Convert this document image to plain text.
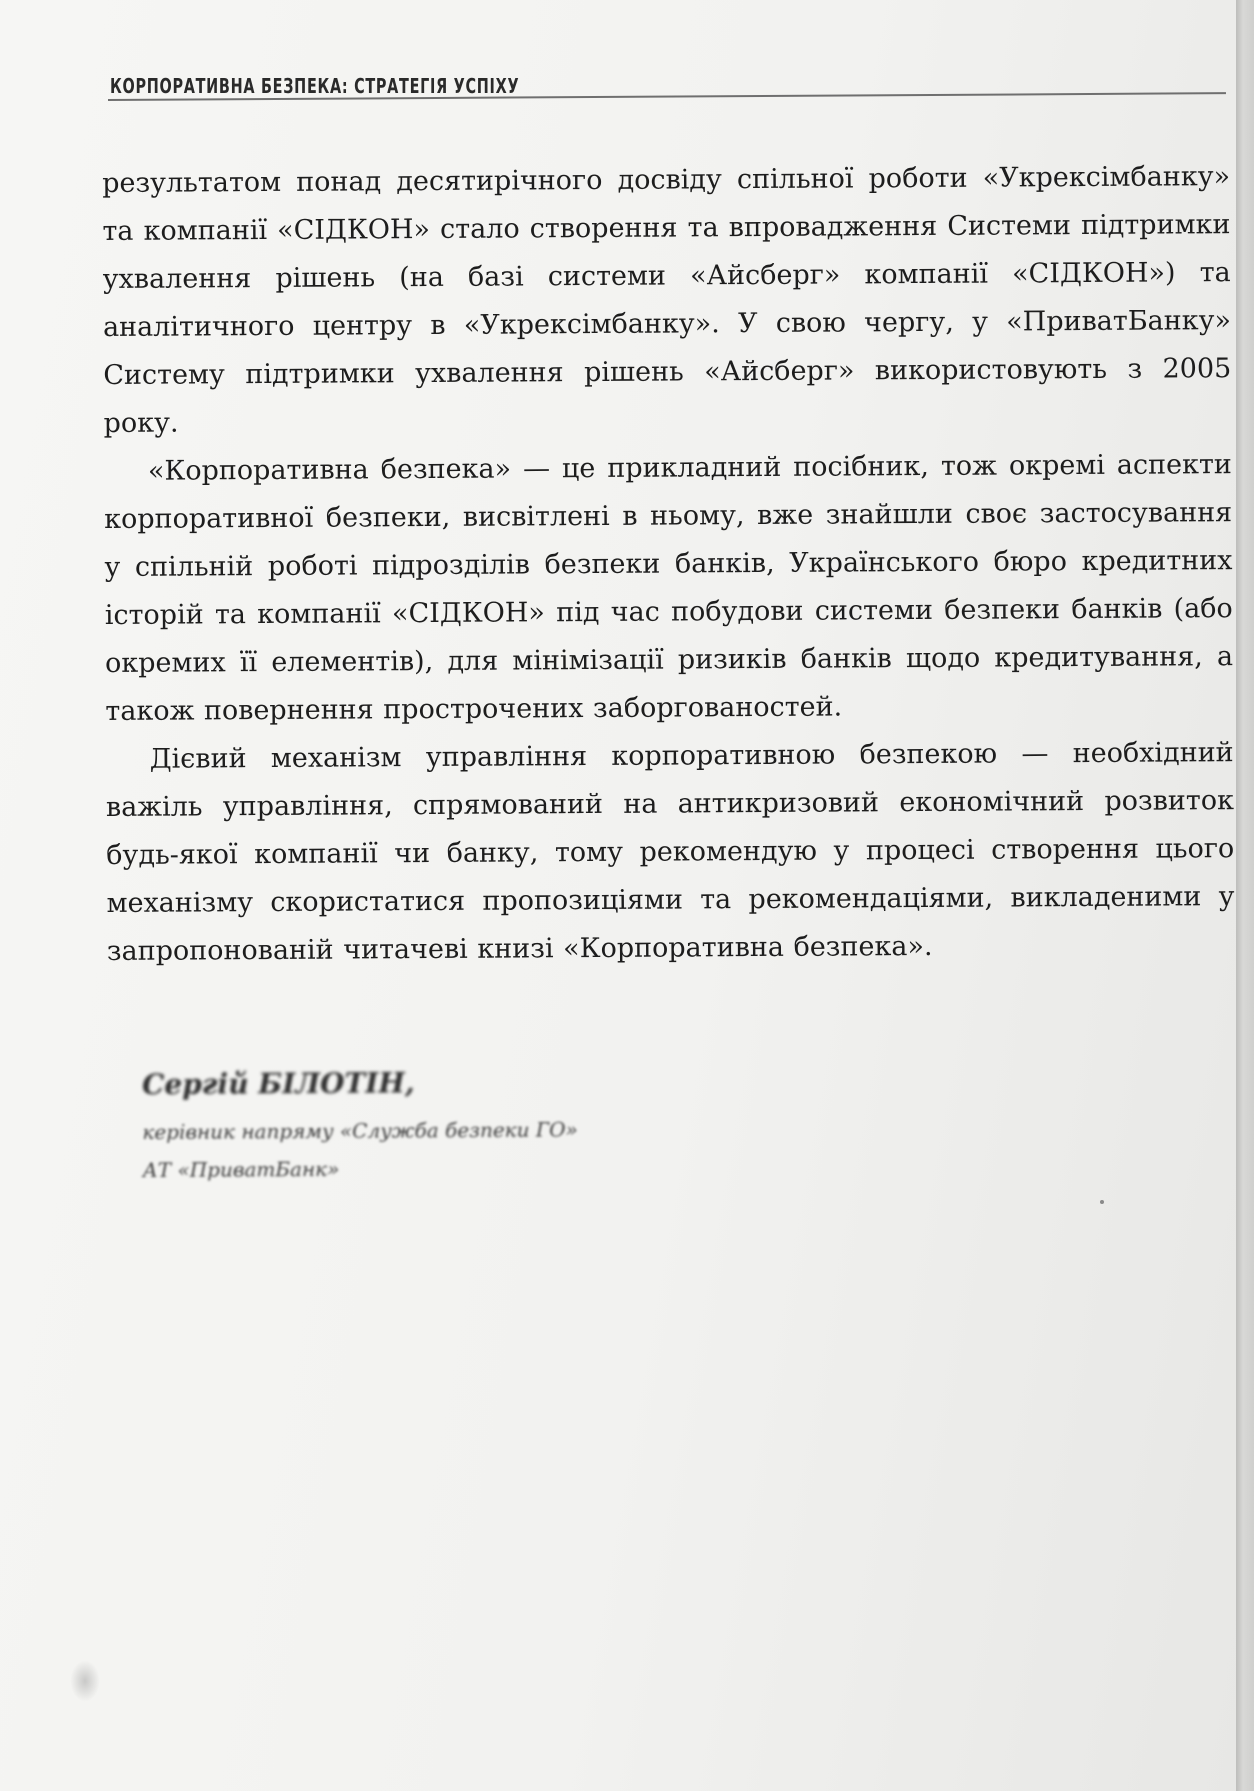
КОРПОРАТИВНА БЕЗПЕКА: СТРАТЕГІЯ УСПІХУ

результатом понад десятирічного досвіду спільної роботи «Укрексімбанку» та компанії «СІДКОН» стало створення та впровадження Системи підтримки ухвалення рішень (на базі системи «Айсберг» компанії «СІДКОН») та аналітичного центру в «Укрексімбанку». У свою чергу, у «ПриватБанку» Систему підтримки ухвалення рішень «Айсберг» використовують з 2005 року.

«Корпоративна безпека» — це прикладний посібник, тож окремі аспекти корпоративної безпеки, висвітлені в ньому, вже знайшли своє застосування у спільній роботі підрозділів безпеки банків, Українського бюро кредитних історій та компанії «СІДКОН» під час побудови системи безпеки банків (або окремих її елементів), для мінімізації ризиків банків щодо кредитування, а також повернення прострочених заборгованостей.

Дієвий механізм управління корпоративною безпекою — необхідний важіль управління, спрямований на антикризовий економічний розвиток будь-якої компанії чи банку, тому рекомендую у процесі створення цього механізму скористатися пропозиціями та рекомендаціями, викладеними у запропонованій читачеві книзі «Корпоративна безпека».

Сергій БІЛОТІН,
керівник напряму «Служба безпеки ГО»
АТ «ПриватБанк»
